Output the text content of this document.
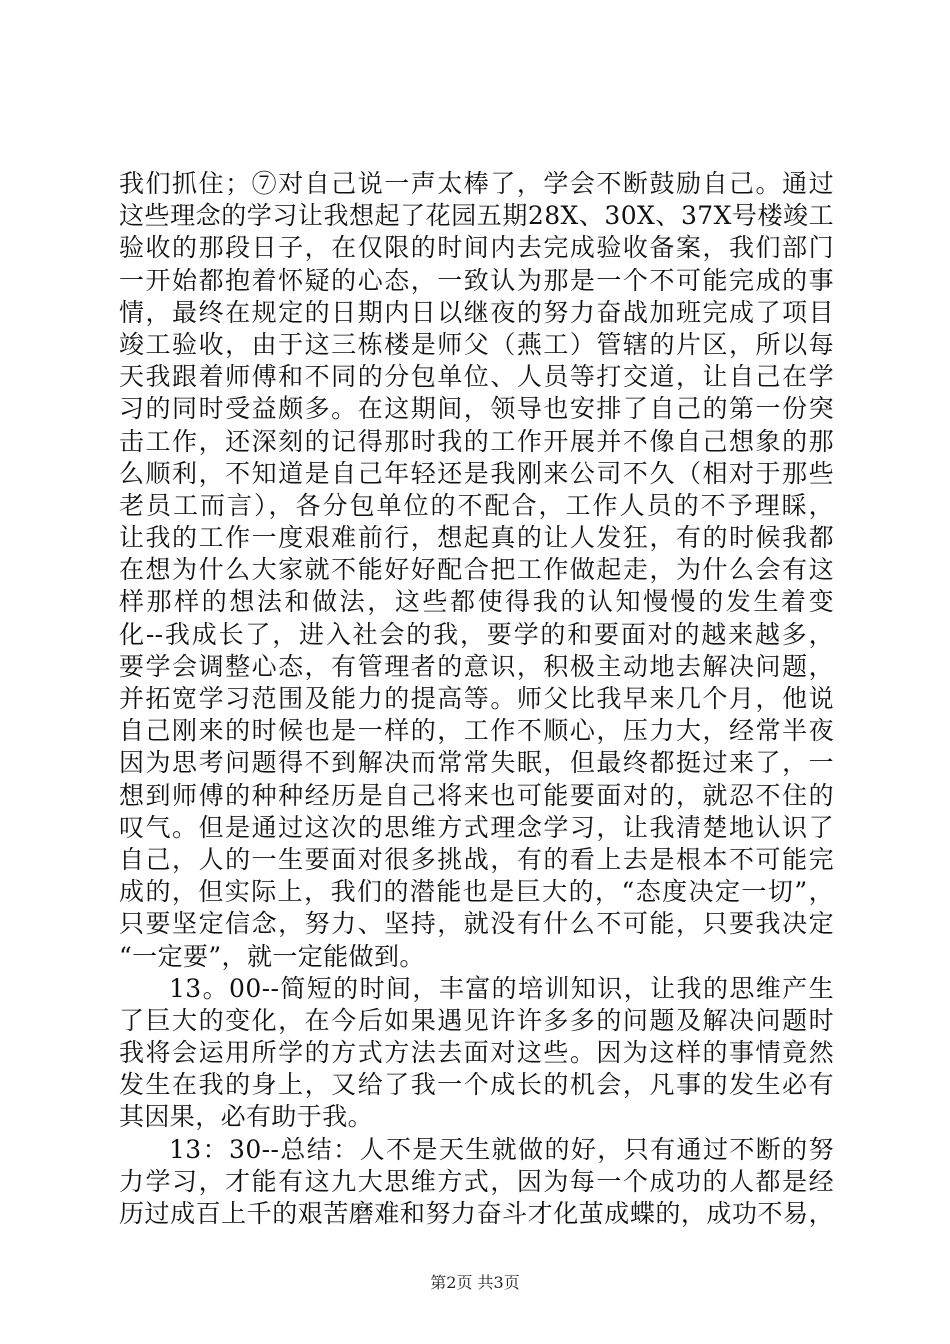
我们抓住；⑦对自己说一声太棒了，学会不断鼓励自己。通过
这些理念的学习让我想起了花园五期28X、30X、37X号楼竣工
验收的那段日子，在仅限的时间内去完成验收备案，我们部门
一开始都抱着怀疑的心态，一致认为那是一个不可能完成的事
情，最终在规定的日期内日以继夜的努力奋战加班完成了项目
竣工验收，由于这三栋楼是师父（燕工）管辖的片区，所以每
天我跟着师傅和不同的分包单位、人员等打交道，让自己在学
习的同时受益颇多。在这期间，领导也安排了自己的第一份突
击工作，还深刻的记得那时我的工作开展并不像自己想象的那
么顺利，不知道是自己年轻还是我刚来公司不久（相对于那些
老员工而言），各分包单位的不配合，工作人员的不予理睬，
让我的工作一度艰难前行，想起真的让人发狂，有的时候我都
在想为什么大家就不能好好配合把工作做起走，为什么会有这
样那样的想法和做法，这些都使得我的认知慢慢的发生着变
化--我成长了，进入社会的我，要学的和要面对的越来越多，
要学会调整心态，有管理者的意识，积极主动地去解决问题，
并拓宽学习范围及能力的提高等。师父比我早来几个月，他说
自己刚来的时候也是一样的，工作不顺心，压力大，经常半夜
因为思考问题得不到解决而常常失眠，但最终都挺过来了，一
想到师傅的种种经历是自己将来也可能要面对的，就忍不住的
叹气。但是通过这次的思维方式理念学习，让我清楚地认识了
自己，人的一生要面对很多挑战，有的看上去是根本不可能完
成的，但实际上，我们的潜能也是巨大的，“态度决定一切”，
只要坚定信念，努力、坚持，就没有什么不可能，只要我决定
“一定要”，就一定能做到。
13。00--简短的时间，丰富的培训知识，让我的思维产生
了巨大的变化，在今后如果遇见许许多多的问题及解决问题时
我将会运用所学的方式方法去面对这些。因为这样的事情竟然
发生在我的身上，又给了我一个成长的机会，凡事的发生必有
其因果，必有助于我。
13：30--总结：人不是天生就做的好，只有通过不断的努
力学习，才能有这九大思维方式，因为每一个成功的人都是经
历过成百上千的艰苦磨难和努力奋斗才化茧成蝶的，成功不易，
第2页 共3页
